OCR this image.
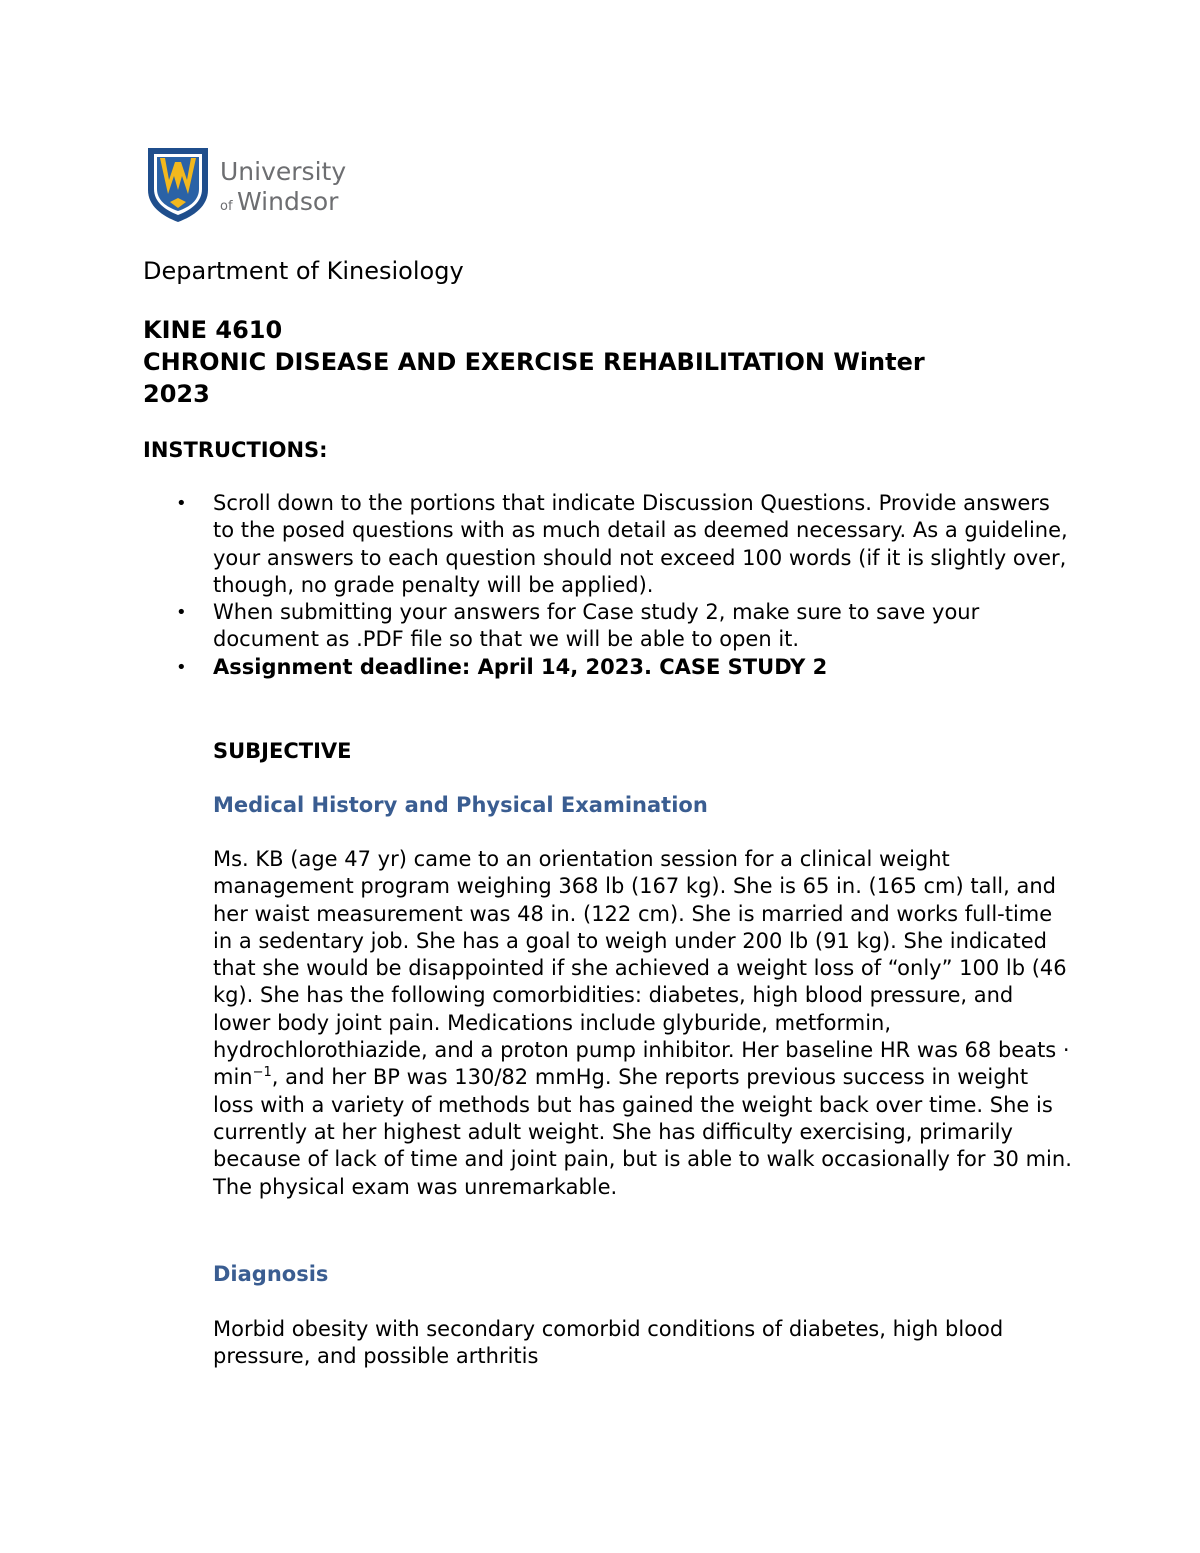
University
of Windsor

Department of Kinesiology

KINE 4610
CHRONIC DISEASE AND EXERCISE REHABILITATION Winter
2023

INSTRUCTIONS:

• Scroll down to the portions that indicate Discussion Questions. Provide answers to the posed questions with as much detail as deemed necessary. As a guideline, your answers to each question should not exceed 100 words (if it is slightly over, though, no grade penalty will be applied).
• When submitting your answers for Case study 2, make sure to save your document as .PDF file so that we will be able to open it.
• Assignment deadline: April 14, 2023. CASE STUDY 2

SUBJECTIVE

Medical History and Physical Examination

Ms. KB (age 47 yr) came to an orientation session for a clinical weight management program weighing 368 lb (167 kg). She is 65 in. (165 cm) tall, and her waist measurement was 48 in. (122 cm). She is married and works full-time in a sedentary job. She has a goal to weigh under 200 lb (91 kg). She indicated that she would be disappointed if she achieved a weight loss of “only” 100 lb (46 kg). She has the following comorbidities: diabetes, high blood pressure, and lower body joint pain. Medications include glyburide, metformin, hydrochlorothiazide, and a proton pump inhibitor. Her baseline HR was 68 beats · $\min^{-1}$, and her BP was 130/82 mmHg. She reports previous success in weight loss with a variety of methods but has gained the weight back over time. She is currently at her highest adult weight. She has difficulty exercising, primarily because of lack of time and joint pain, but is able to walk occasionally for 30 min. The physical exam was unremarkable.

Diagnosis

Morbid obesity with secondary comorbid conditions of diabetes, high blood pressure, and possible arthritis
